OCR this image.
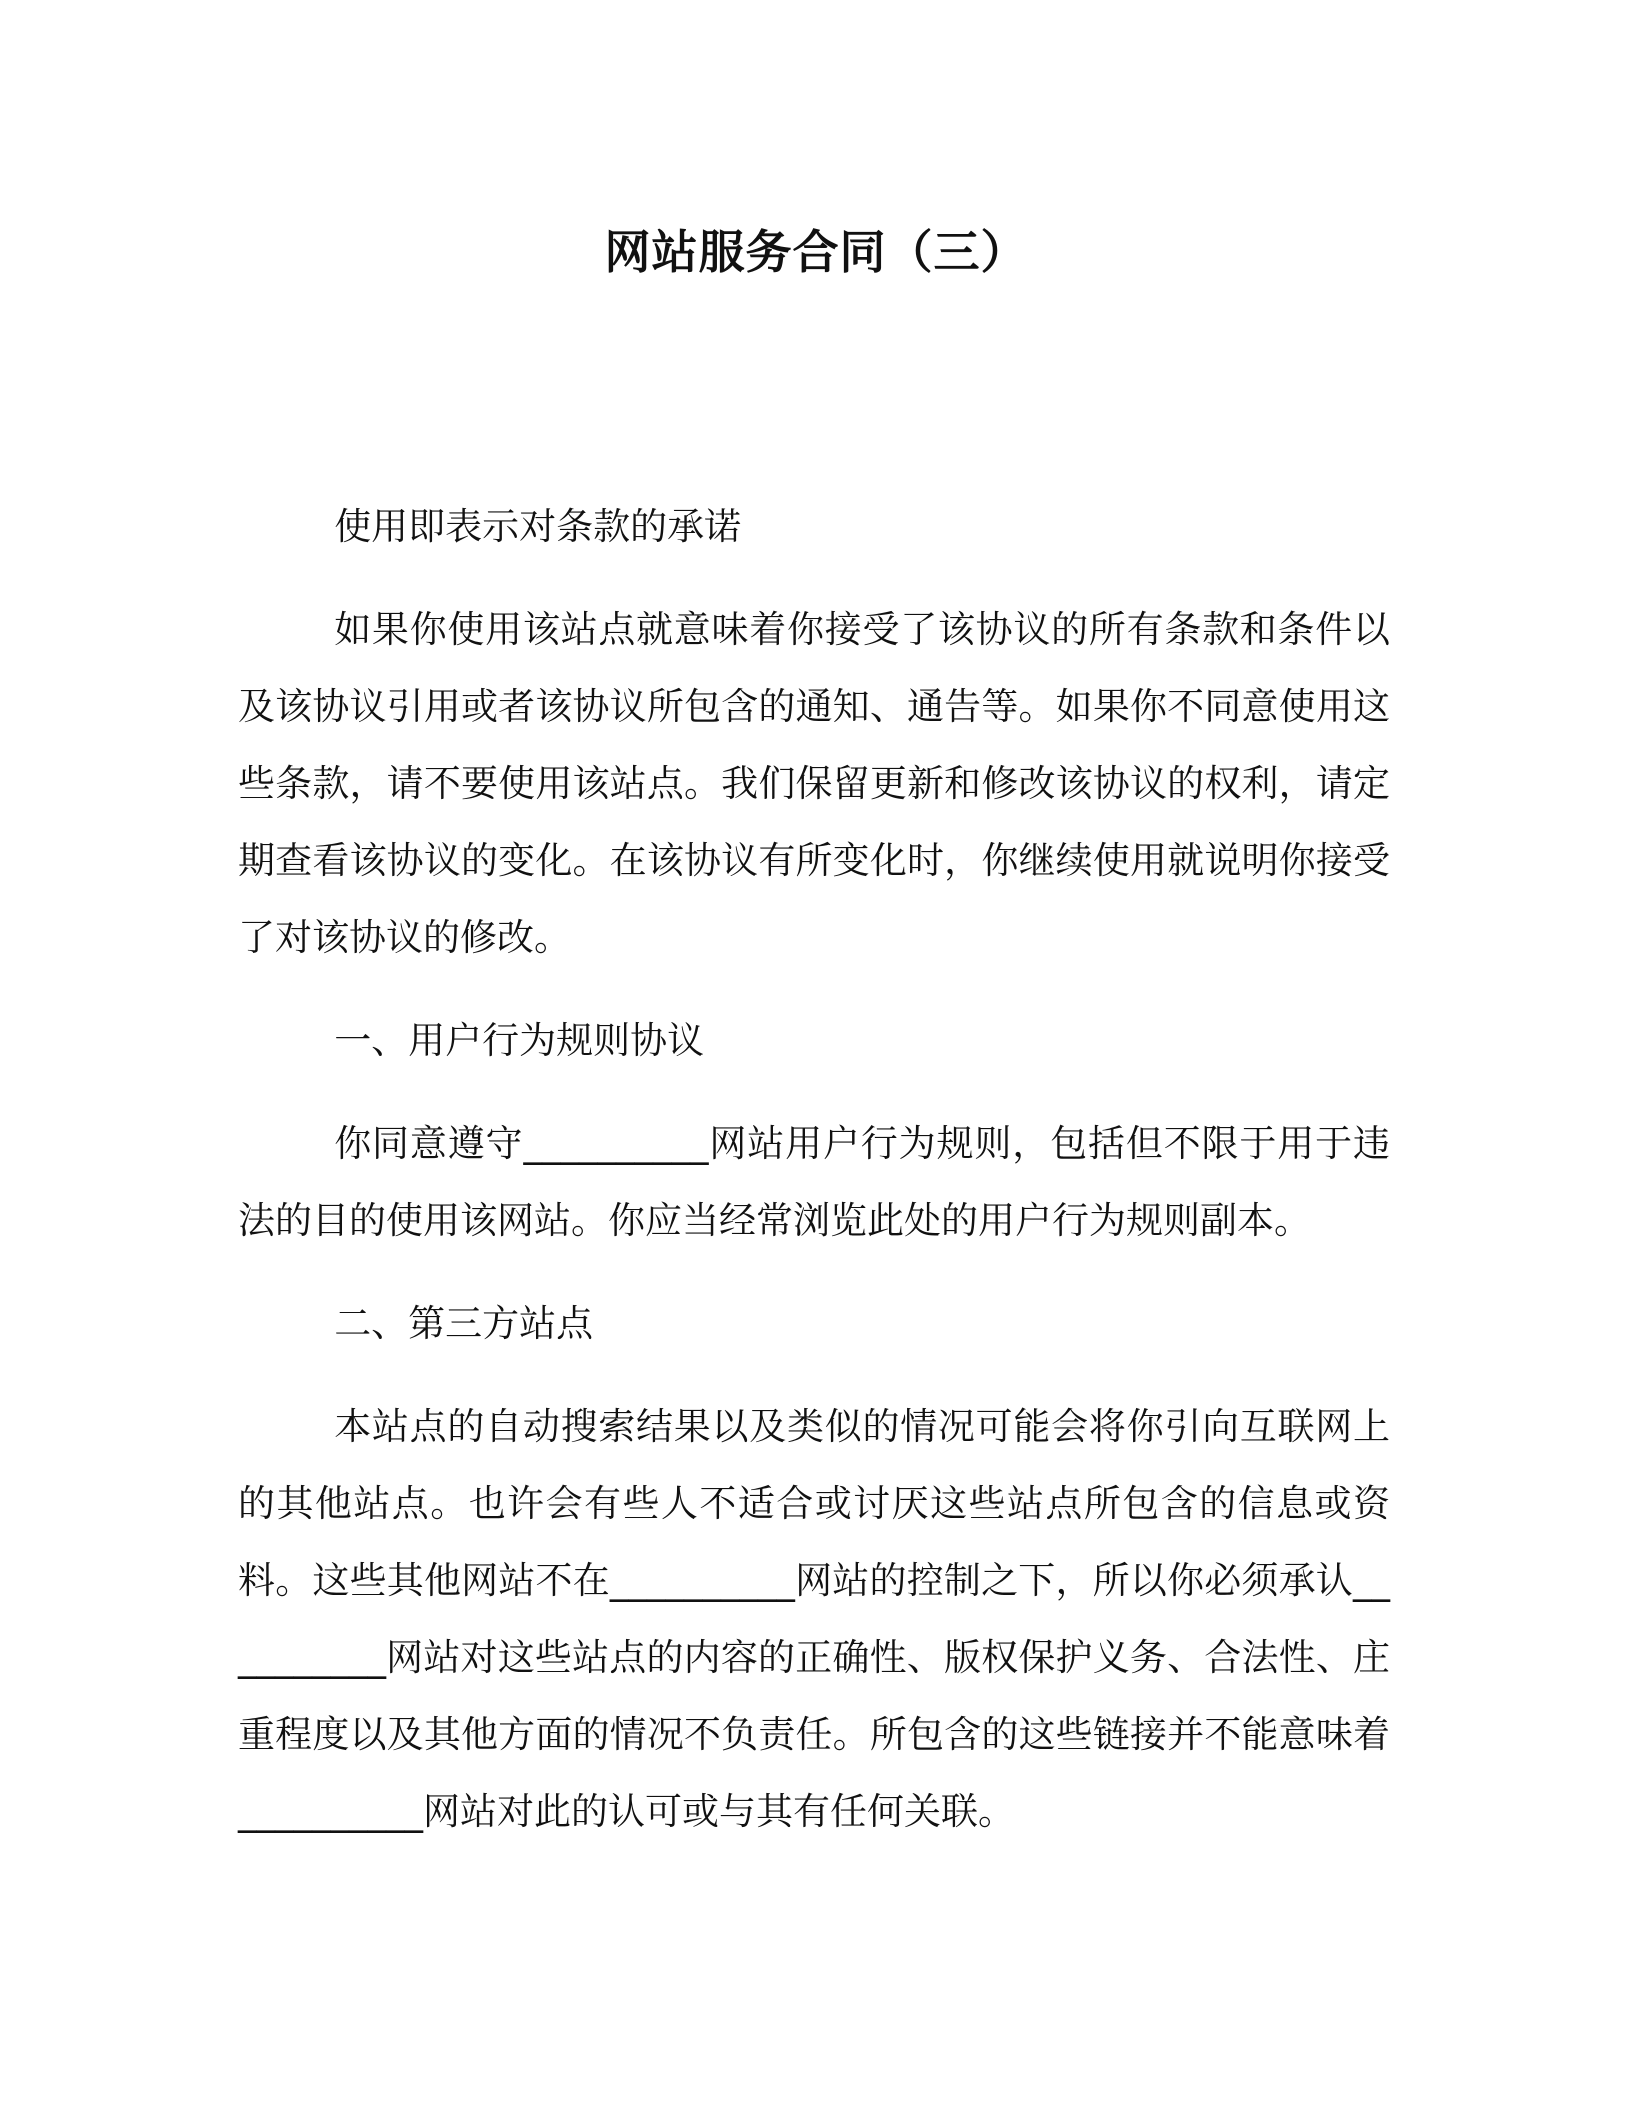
网站服务合同（三）

使用即表示对条款的承诺

如果你使用该站点就意味着你接受了该协议的所有条款和条件以及该协议引用或者该协议所包含的通知、通告等。如果你不同意使用这些条款，请不要使用该站点。我们保留更新和修改该协议的权利，请定期查看该协议的变化。在该协议有所变化时，你继续使用就说明你接受了对该协议的修改。

一、用户行为规则协议

你同意遵守__________网站用户行为规则，包括但不限于用于违法的目的使用该网站。你应当经常浏览此处的用户行为规则副本。

二、第三方站点

本站点的自动搜索结果以及类似的情况可能会将你引向互联网上的其他站点。也许会有些人不适合或讨厌这些站点所包含的信息或资料。这些其他网站不在__________网站的控制之下，所以你必须承认__________网站对这些站点的内容的正确性、版权保护义务、合法性、庄重程度以及其他方面的情况不负责任。所包含的这些链接并不能意味着__________网站对此的认可或与其有任何关联。
